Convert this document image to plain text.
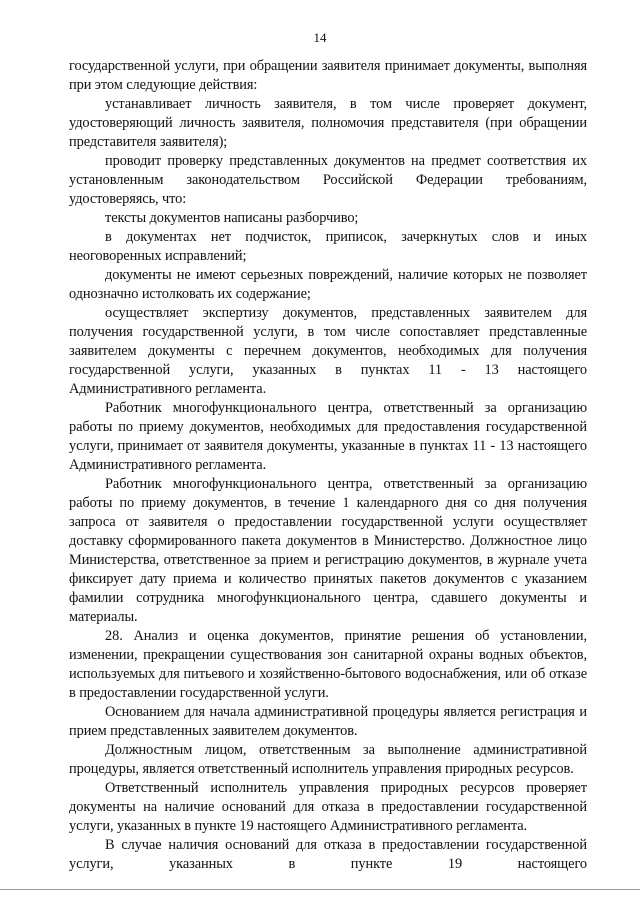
14

государственной услуги, при обращении заявителя принимает документы, выполняя при этом следующие действия:

устанавливает личность заявителя, в том числе проверяет документ, удостоверяющий личность заявителя, полномочия представителя (при обращении представителя заявителя);

проводит проверку представленных документов на предмет соответствия их установленным законодательством Российской Федерации требованиям, удостоверяясь, что:

тексты документов написаны разборчиво;

в документах нет подчисток, приписок, зачеркнутых слов и иных неоговоренных исправлений;

документы не имеют серьезных повреждений, наличие которых не позволяет однозначно истолковать их содержание;

осуществляет экспертизу документов, представленных заявителем для получения государственной услуги, в том числе сопоставляет представленные заявителем документы с перечнем документов, необходимых для получения государственной услуги, указанных в пунктах 11 - 13 настоящего Административного регламента.

Работник многофункционального центра, ответственный за организацию работы по приему документов, необходимых для предоставления государственной услуги, принимает от заявителя документы, указанные в пунктах 11 - 13 настоящего Административного регламента.

Работник многофункционального центра, ответственный за организацию работы по приему документов, в течение 1 календарного дня со дня получения запроса от заявителя о предоставлении государственной услуги осуществляет доставку сформированного пакета документов в Министерство. Должностное лицо Министерства, ответственное за прием и регистрацию документов, в журнале учета фиксирует дату приема и количество принятых пакетов документов с указанием фамилии сотрудника многофункционального центра, сдавшего документы и материалы.

28. Анализ и оценка документов, принятие решения об установлении, изменении, прекращении существования зон санитарной охраны водных объектов, используемых для питьевого и хозяйственно-бытового водоснабжения, или об отказе в предоставлении государственной услуги.

Основанием для начала административной процедуры является регистрация и прием представленных заявителем документов.

Должностным лицом, ответственным за выполнение административной процедуры, является ответственный исполнитель управления природных ресурсов.

Ответственный исполнитель управления природных ресурсов проверяет документы на наличие оснований для отказа в предоставлении государственной услуги, указанных в пункте 19 настоящего Административного регламента.

В случае наличия оснований для отказа в предоставлении государственной услуги, указанных в пункте 19 настоящего
